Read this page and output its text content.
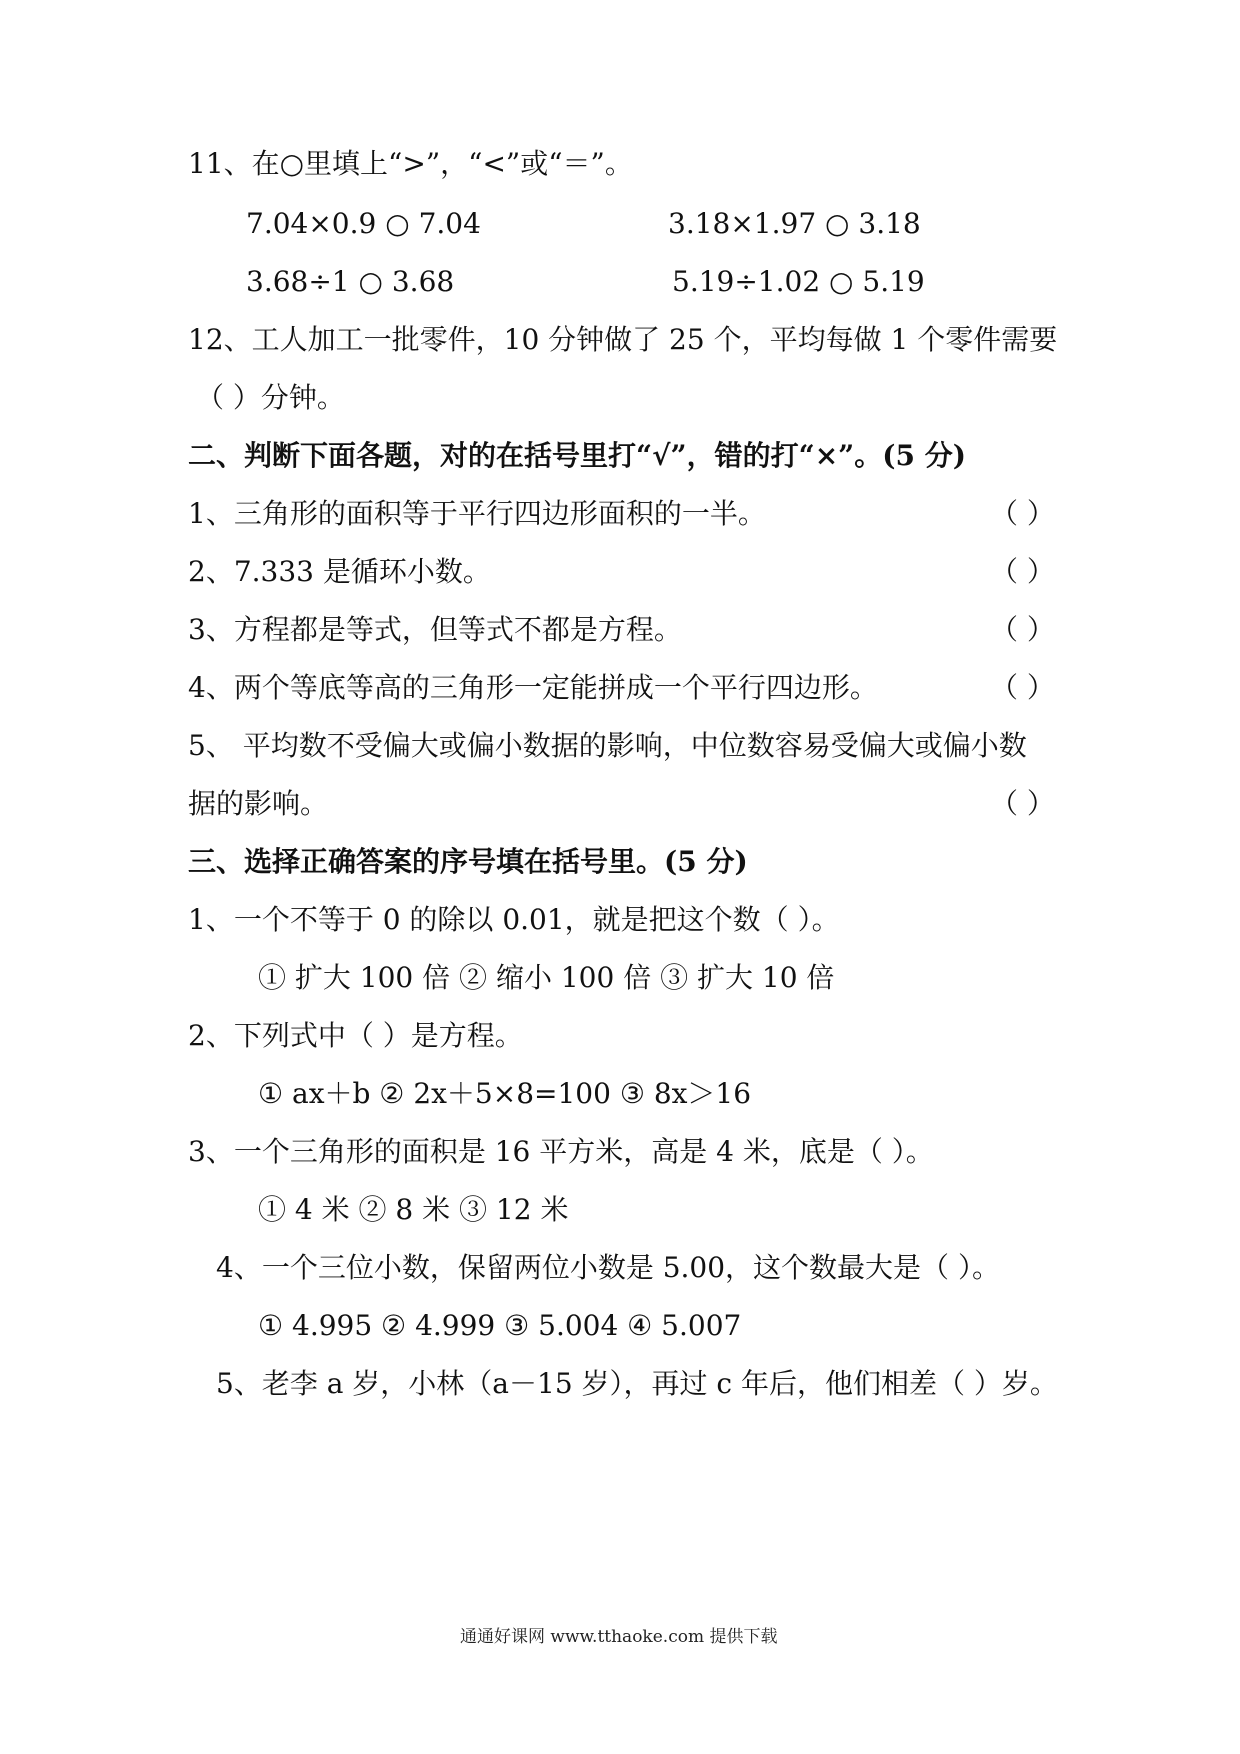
11、在○里填上“>”，“<”或“＝”。
7.04×0.9 ○ 7.04	3.18×1.97 ○ 3.18
3.68÷1 ○ 3.68	5.19÷1.02 ○ 5.19
12、工人加工一批零件，10 分钟做了 25 个，平均每做 1 个零件需要
（ ）分钟。
二、判断下面各题，对的在括号里打“√”，错的打“×”。(5 分)
1、三角形的面积等于平行四边形面积的一半。	（ ）
2、7.333 是循环小数。	（ ）
3、方程都是等式，但等式不都是方程。	（ ）
4、两个等底等高的三角形一定能拼成一个平行四边形。	（ ）
5、 平均数不受偏大或偏小数据的影响，中位数容易受偏大或偏小数
据的影响。	（ ）
三、选择正确答案的序号填在括号里。(5 分)
1、一个不等于 0 的除以 0.01，就是把这个数（ ）。
① 扩大 100 倍 ② 缩小 100 倍 ③ 扩大 10 倍
2、下列式中（ ）是方程。
① ax＋b ② 2x＋5×8=100 ③ 8x＞16
3、一个三角形的面积是 16 平方米，高是 4 米，底是（ ）。
① 4 米 ② 8 米 ③ 12 米
4、一个三位小数，保留两位小数是 5.00，这个数最大是（ ）。
① 4.995 ② 4.999 ③ 5.004 ④ 5.007
5、老李 a 岁，小林（a－15 岁），再过 c 年后，他们相差（ ）岁。
通通好课网 www.tthaoke.com 提供下载
